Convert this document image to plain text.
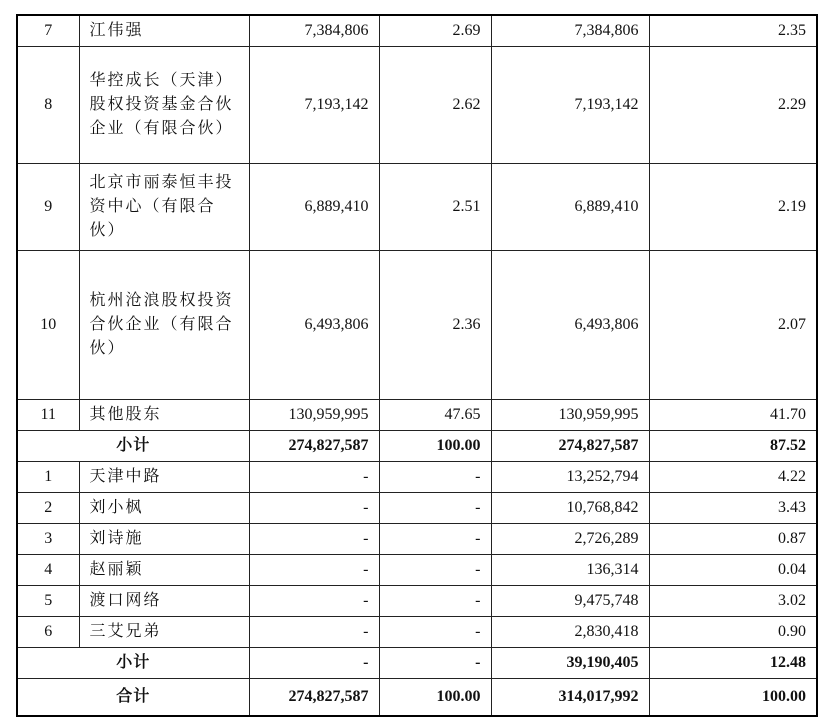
7	江伟强	7,384,806	2.69	7,384,806	2.35
8	华控成长（天津）股权投资基金合伙企业（有限合伙）	7,193,142	2.62	7,193,142	2.29
9	北京市丽泰恒丰投资中心（有限合伙）	6,889,410	2.51	6,889,410	2.19
10	杭州沧浪股权投资合伙企业（有限合伙）	6,493,806	2.36	6,493,806	2.07
11	其他股东	130,959,995	47.65	130,959,995	41.70
小计		274,827,587	100.00	274,827,587	87.52
1	天津中路	-	-	13,252,794	4.22
2	刘小枫	-	-	10,768,842	3.43
3	刘诗施	-	-	2,726,289	0.87
4	赵丽颖	-	-	136,314	0.04
5	渡口网络	-	-	9,475,748	3.02
6	三艾兄弟	-	-	2,830,418	0.90
小计		-	-	39,190,405	12.48
合计		274,827,587	100.00	314,017,992	100.00
